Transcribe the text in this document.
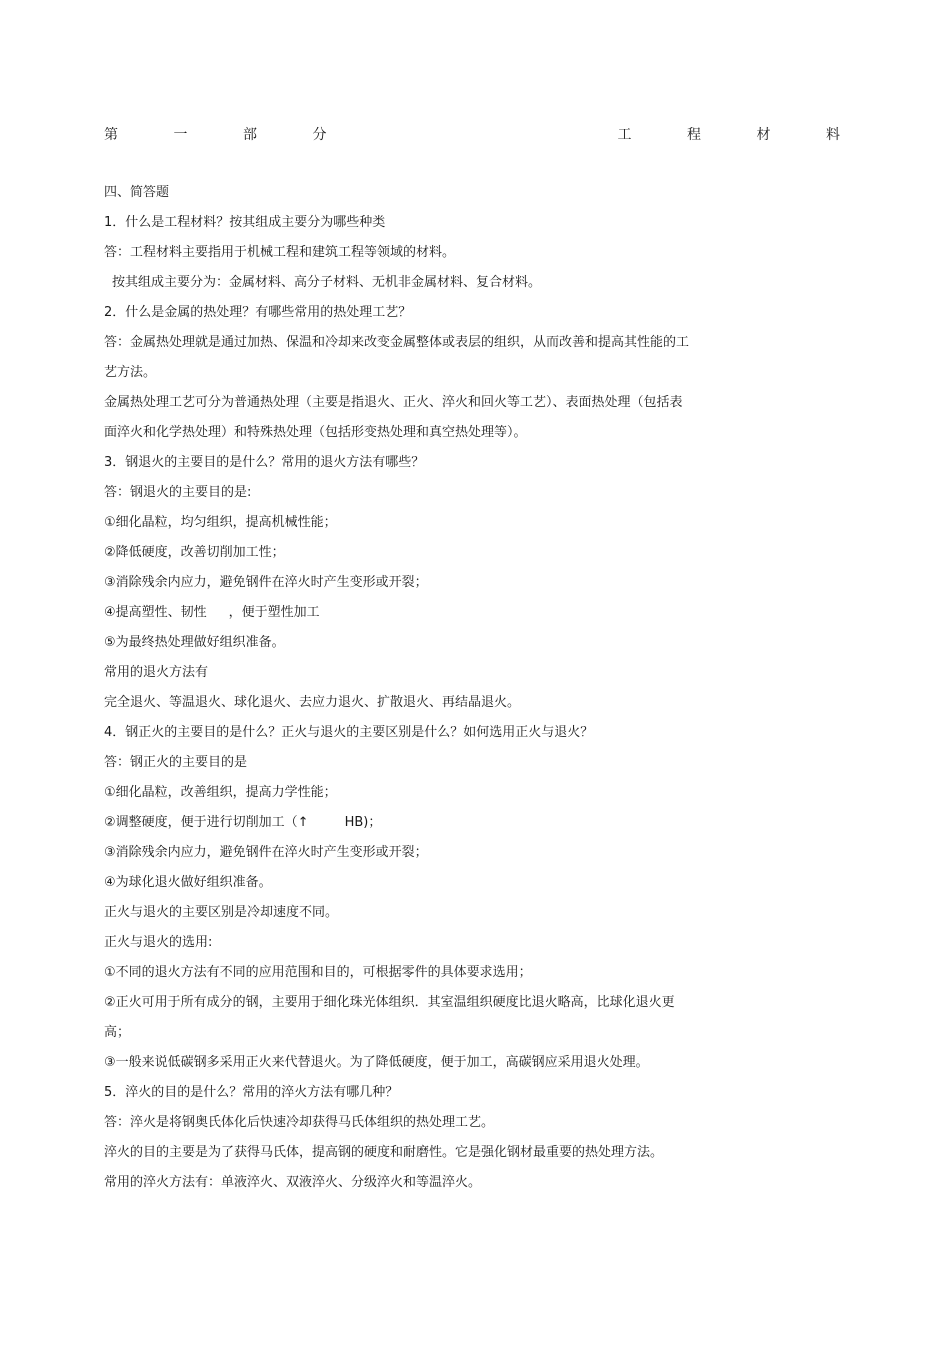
第	一	部	分	工	程	材	料
四、简答题
1．什么是工程材料？按其组成主要分为哪些种类
答：工程材料主要指用于机械工程和建筑工程等领域的材料。
按其组成主要分为：金属材料、高分子材料、无机非金属材料、复合材料。
2．什么是金属的热处理？有哪些常用的热处理工艺？
答：金属热处理就是通过加热、保温和冷却来改变金属整体或表层的组织，从而改善和提高其性能的工
艺方法。
金属热处理工艺可分为普通热处理（主要是指退火、正火、淬火和回火等工艺）、表面热处理（包括表
面淬火和化学热处理）和特殊热处理（包括形变热处理和真空热处理等）。
3．钢退火的主要目的是什么？常用的退火方法有哪些？
答：钢退火的主要目的是:
①细化晶粒，均匀组织，提高机械性能；
②降低硬度，改善切削加工性；
③消除残余内应力，避免钢件在淬火时产生变形或开裂；
④提高塑性、韧性 ，便于塑性加工
⑤为最终热处理做好组织准备。
常用的退火方法有
完全退火、等温退火、球化退火、去应力退火、扩散退火、再结晶退火。
4．钢正火的主要目的是什么？正火与退火的主要区别是什么？如何选用正火与退火？
答：钢正火的主要目的是
①细化晶粒，改善组织，提高力学性能；
②调整硬度，便于进行切削加工（↑	HB)；
③消除残余内应力，避免钢件在淬火时产生变形或开裂；
④为球化退火做好组织准备。
正火与退火的主要区别是冷却速度不同。
正火与退火的选用:
①不同的退火方法有不同的应用范围和目的，可根据零件的具体要求选用；
②正火可用于所有成分的钢，主要用于细化珠光体组织．其室温组织硬度比退火略高，比球化退火更
高；
③一般来说低碳钢多采用正火来代替退火。为了降低硬度，便于加工，高碳钢应采用退火处理。
5．淬火的目的是什么？常用的淬火方法有哪几种？
答：淬火是将钢奥氏体化后快速冷却获得马氏体组织的热处理工艺。
淬火的目的主要是为了获得马氏体，提高钢的硬度和耐磨性。它是强化钢材最重要的热处理方法。
常用的淬火方法有：单液淬火、双液淬火、分级淬火和等温淬火。
